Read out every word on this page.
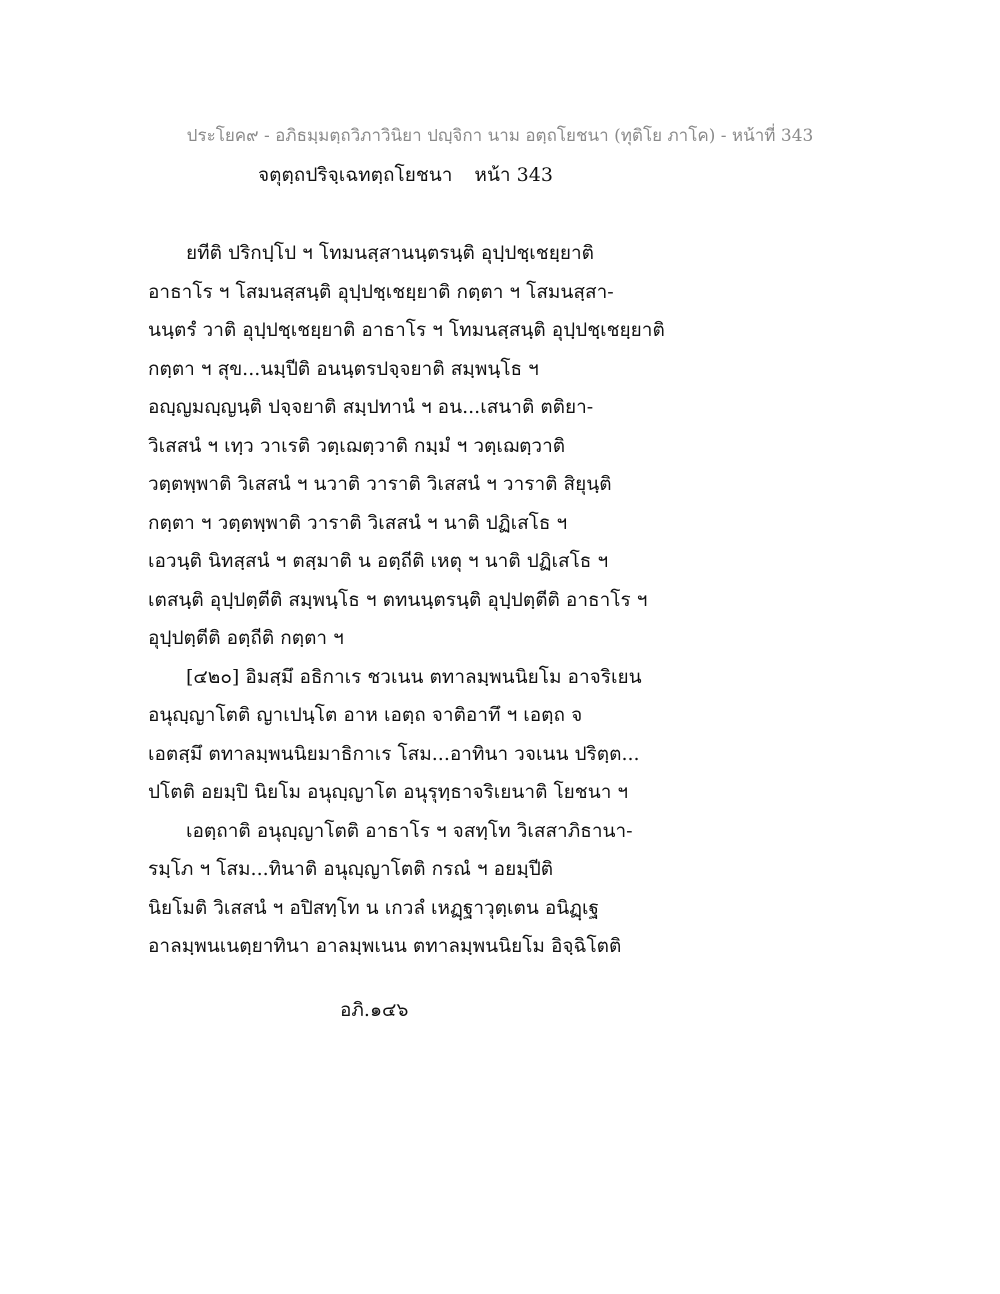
ประโยค๙ - อภิธมฺมตฺถวิภาวินิยา ปญฺจิกา นาม อตฺถโยชนา (ทุติโย ภาโค) - หน้าที่ 343
จตุตฺถปริจฺเฉทตฺถโยชนา หน้า 343
ยทีติ ปริกปฺโป ฯ โทมนสฺสานนฺตรนฺติ อุปฺปชฺเชยฺยาติ
อาธาโร ฯ โสมนสฺสนฺติ อุปฺปชฺเชยฺยาติ กตฺตา ฯ โสมนสฺสา-
นนฺตรํ วาติ อุปฺปชฺเชยฺยาติ อาธาโร ฯ โทมนสฺสนฺติ อุปฺปชฺเชยฺยาติ
กตฺตา ฯ สุข...นมฺปีติ อนนฺตรปจฺจยาติ สมฺพนฺโธ ฯ
อญฺญมญฺญนฺติ ปจฺจยาติ สมฺปทานํ ฯ อน...เสนาติ ตติยา-
วิเสสนํ ฯ เทฺว วาเรติ วตฺเฌตฺวาติ กมฺมํ ฯ วตฺเฌตฺวาติ
วตฺตพฺพาติ วิเสสนํ ฯ นวาติ วาราติ วิเสสนํ ฯ วาราติ สิยุนฺติ
กตฺตา ฯ วตฺตพฺพาติ วาราติ วิเสสนํ ฯ นาติ ปฏิเสโธ ฯ
เอวนฺติ นิทสฺสนํ ฯ ตสฺมาติ น อตฺถีติ เหตุ ฯ นาติ ปฏิเสโธ ฯ
เตสนฺติ อุปฺปตฺตีติ สมฺพนฺโธ ฯ ตทนนฺตรนฺติ อุปฺปตฺตีติ อาธาโร ฯ
อุปฺปตฺตีติ อตฺถีติ กตฺตา ฯ
[๔๒๐] อิมสฺมึ อธิกาเร ชวเนน ตทาลมฺพนนิยโม อาจริเยน
อนุญฺญาโตติ ญาเปนฺโต อาห เอตฺถ จาติอาทึ ฯ เอตฺถ จ
เอตสฺมึ ตทาลมฺพนนิยมาธิกาเร โสม...อาทินา วจเนน ปริตฺต...
ปโตติ อยมฺปิ นิยโม อนุญฺญาโต อนุรุทฺธาจริเยนาติ โยชนา ฯ
เอตฺถาติ อนุญฺญาโตติ อาธาโร ฯ จสทฺโท วิเสสาภิธานา-
รมฺโภ ฯ โสม...ทินาติ อนุญฺญาโตติ กรณํ ฯ อยมฺปีติ
นิยโมติ วิเสสนํ ฯ อปิสทฺโท น เกวลํ เหฏฺฐาวุตฺเตน อนิฏฺเฐ
อาลมฺพนเนตฺยาทินา อาลมฺพเนน ตทาลมฺพนนิยโม อิจฺฉิโตติ
อภิ.๑๔๖
